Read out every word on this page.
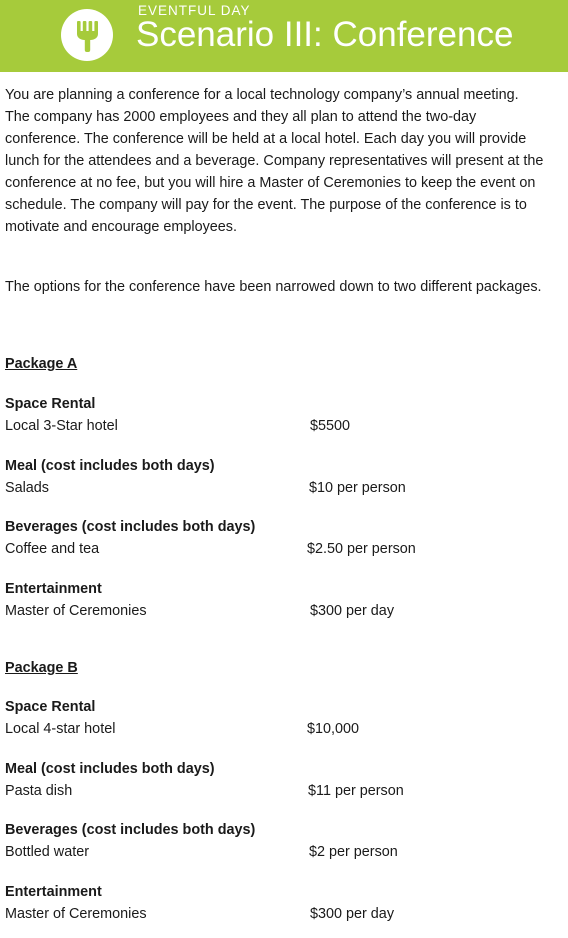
EVENTFUL DAY
Scenario III: Conference

You are planning a conference for a local technology company’s annual meeting. The company has 2000 employees and they all plan to attend the two-day conference. The conference will be held at a local hotel. Each day you will provide lunch for the attendees and a beverage. Company representatives will present at the conference at no fee, but you will hire a Master of Ceremonies to keep the event on schedule. The company will pay for the event. The purpose of the conference is to motivate and encourage employees.

The options for the conference have been narrowed down to two different packages.

Package A
Space Rental
Local 3-Star hotel	$5500
Meal (cost includes both days)
Salads	$10 per person
Beverages (cost includes both days)
Coffee and tea	$2.50 per person
Entertainment
Master of Ceremonies	$300 per day
Package B
Space Rental
Local 4-star hotel	$10,000
Meal (cost includes both days)
Pasta dish	$11 per person
Beverages (cost includes both days)
Bottled water	$2 per person
Entertainment
Master of Ceremonies	$300 per day
